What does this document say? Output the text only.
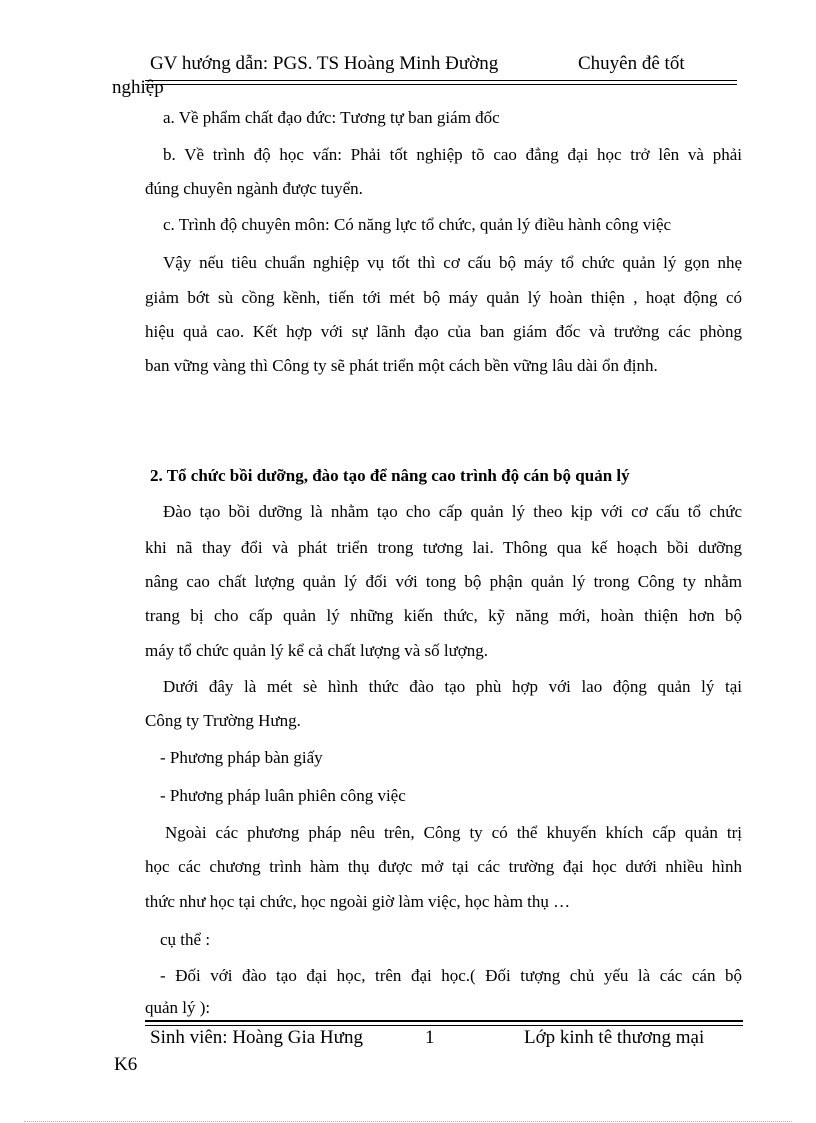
GV hướng dẫn: PGS. TS Hoàng Minh Đường	Chuyên đê tốt
nghiệp
a. Về phẩm chất đạo đức: Tương tự ban giám đốc
b. Về trình độ học vấn: Phải tốt nghiệp tõ cao đẳng đại học trở lên và phải
đúng chuyên ngành được tuyển.
c. Trình độ chuyên môn: Có năng lực tổ chức, quản lý điều hành công việc
Vậy nếu tiêu chuẩn nghiệp vụ tốt thì cơ cấu bộ máy tổ chức quản lý gọn nhẹ
giảm bớt sù cồng kềnh, tiến tới mét bộ máy quản lý hoàn thiện , hoạt động có
hiệu quả cao. Kết hợp với sự lãnh đạo của ban giám đốc và trưởng các phòng
ban vững vàng thì Công ty sẽ phát triển một cách bền vững lâu dài ổn định.
2. Tổ chức bồi dưỡng, đào tạo để nâng cao trình độ cán bộ quản lý
Đào tạo bồi dưỡng là nhằm tạo cho cấp quản lý theo kịp với cơ cấu tổ chức
khi nã thay đổi và phát triển trong tương lai. Thông qua kế hoạch bồi dưỡng
nâng cao chất lượng quản lý đối với tong bộ phận quản lý trong Công ty nhằm
trang bị cho cấp quản lý những kiến thức, kỹ năng mới, hoàn thiện hơn bộ
máy tổ chức quản lý kể cả chất lượng và số lượng.
Dưới đây là mét sè hình thức đào tạo phù hợp với lao động quản lý tại
Công ty Trường Hưng.
- Phương pháp bàn giấy
- Phương pháp luân phiên công việc
Ngoài các phương pháp nêu trên, Công ty có thể khuyến khích cấp quản trị
học các chương trình hàm thụ được mở tại các trường đại học dưới nhiều hình
thức như học tại chức, học ngoài giờ làm việc, học hàm thụ …
cụ thể :
- Đối với đào tạo đại học, trên đại học.( Đối tượng chủ yếu là các cán bộ
quản lý ):
Sinh viên: Hoàng Gia Hưng	1	Lớp kinh tê thương mại
K6
